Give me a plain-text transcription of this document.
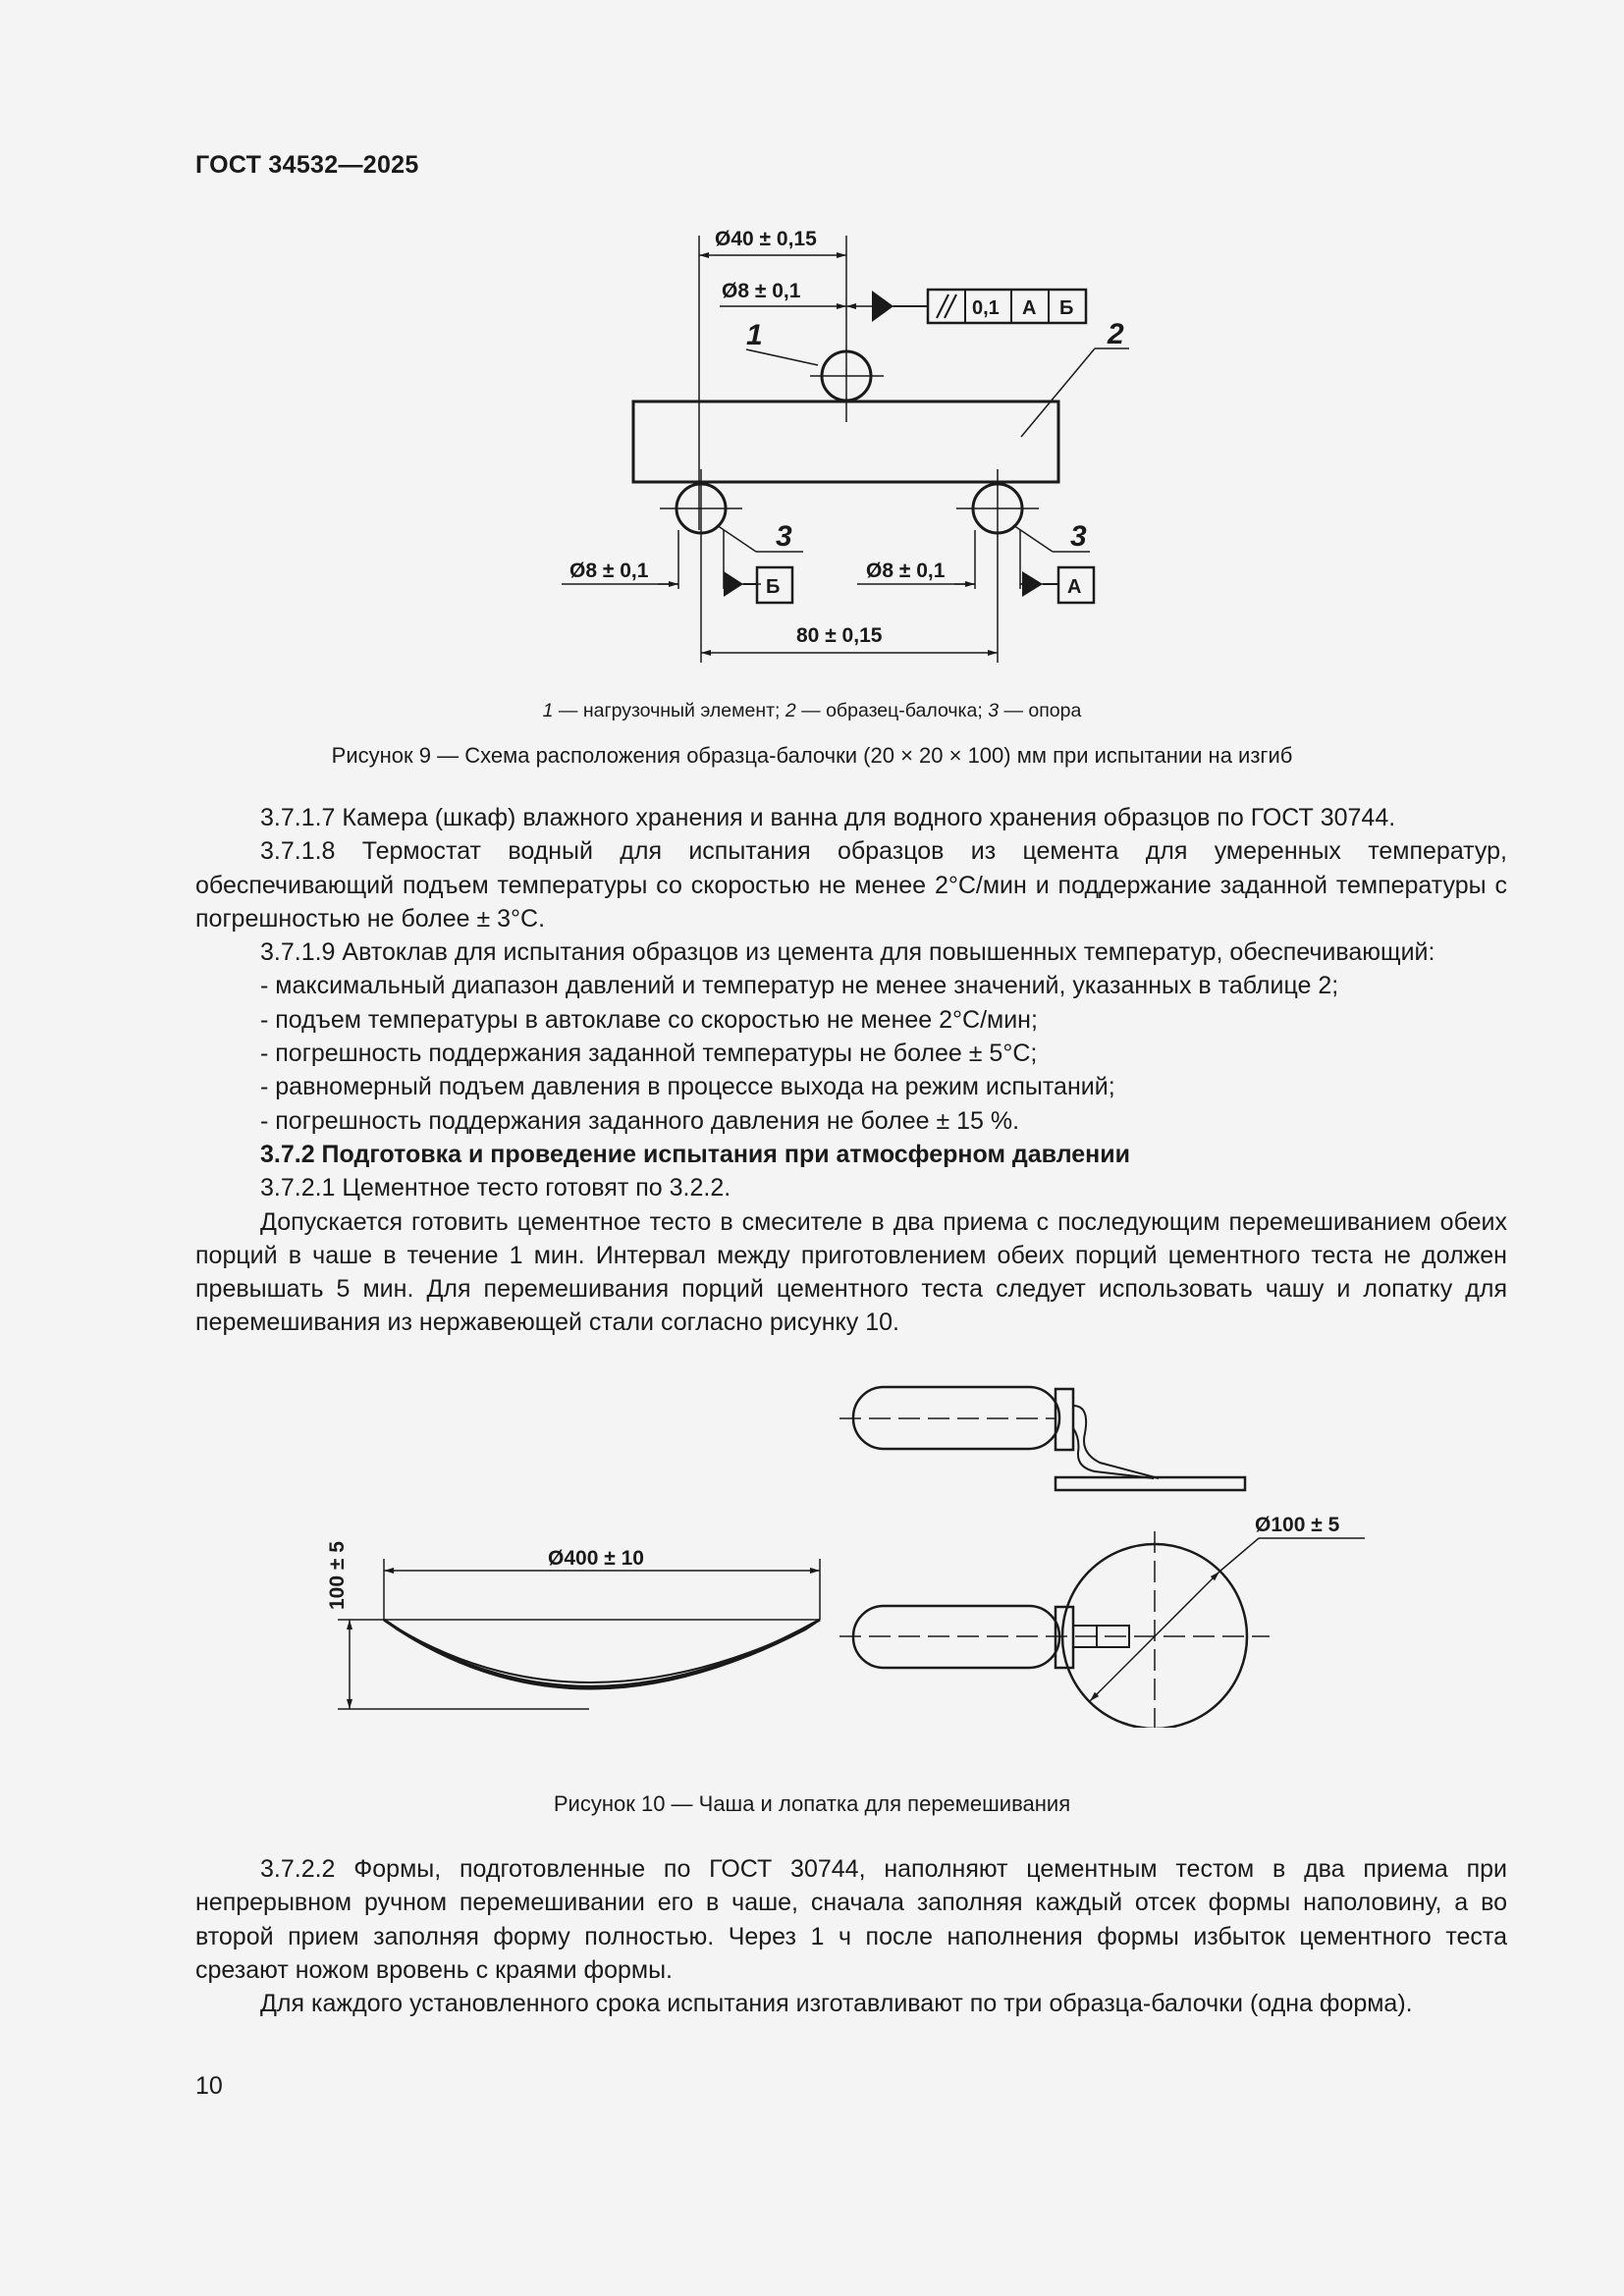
ГОСТ 34532—2025
Ø40 ± 0,15
Ø8 ± 0,1
0,1 А Б
1	2
3	3
Ø8 ± 0,1	Ø8 ± 0,1
Б	А
80 ± 0,15
1 — нагрузочный элемент; 2 — образец-балочка; 3 — опора
Рисунок 9 — Схема расположения образца-балочки (20 × 20 × 100) мм при испытании на изгиб

3.7.1.7 Камера (шкаф) влажного хранения и ванна для водного хранения образцов по ГОСТ 30744.

3.7.1.8 Термостат водный для испытания образцов из цемента для умеренных температур, обеспечивающий подъем температуры со скоростью не менее 2°С/мин и поддержание заданной температуры с погрешностью не более ± 3°С.

3.7.1.9 Автоклав для испытания образцов из цемента для повышенных температур, обеспечивающий:

- максимальный диапазон давлений и температур не менее значений, указанных в таблице 2;

- подъем температуры в автоклаве со скоростью не менее 2°С/мин;

- погрешность поддержания заданной температуры не более ± 5°С;

- равномерный подъем давления в процессе выхода на режим испытаний;

- погрешность поддержания заданного давления не более ± 15 %.

3.7.2 Подготовка и проведение испытания при атмосферном давлении

3.7.2.1 Цементное тесто готовят по 3.2.2.

Допускается готовить цементное тесто в смесителе в два приема с последующим перемешиванием обеих порций в чаше в течение 1 мин. Интервал между приготовлением обеих порций цементного теста не должен превышать 5 мин. Для перемешивания порций цементного теста следует использовать чашу и лопатку для перемешивания из нержавеющей стали согласно рисунку 10.

Ø400 ± 10
100 ± 5
Ø100 ± 5
Рисунок 10 — Чаша и лопатка для перемешивания

3.7.2.2 Формы, подготовленные по ГОСТ 30744, наполняют цементным тестом в два приема при непрерывном ручном перемешивании его в чаше, сначала заполняя каждый отсек формы наполовину, а во второй прием заполняя форму полностью. Через 1 ч после наполнения формы избыток цементного теста срезают ножом вровень с краями формы.

Для каждого установленного срока испытания изготавливают по три образца-балочки (одна форма).

10
